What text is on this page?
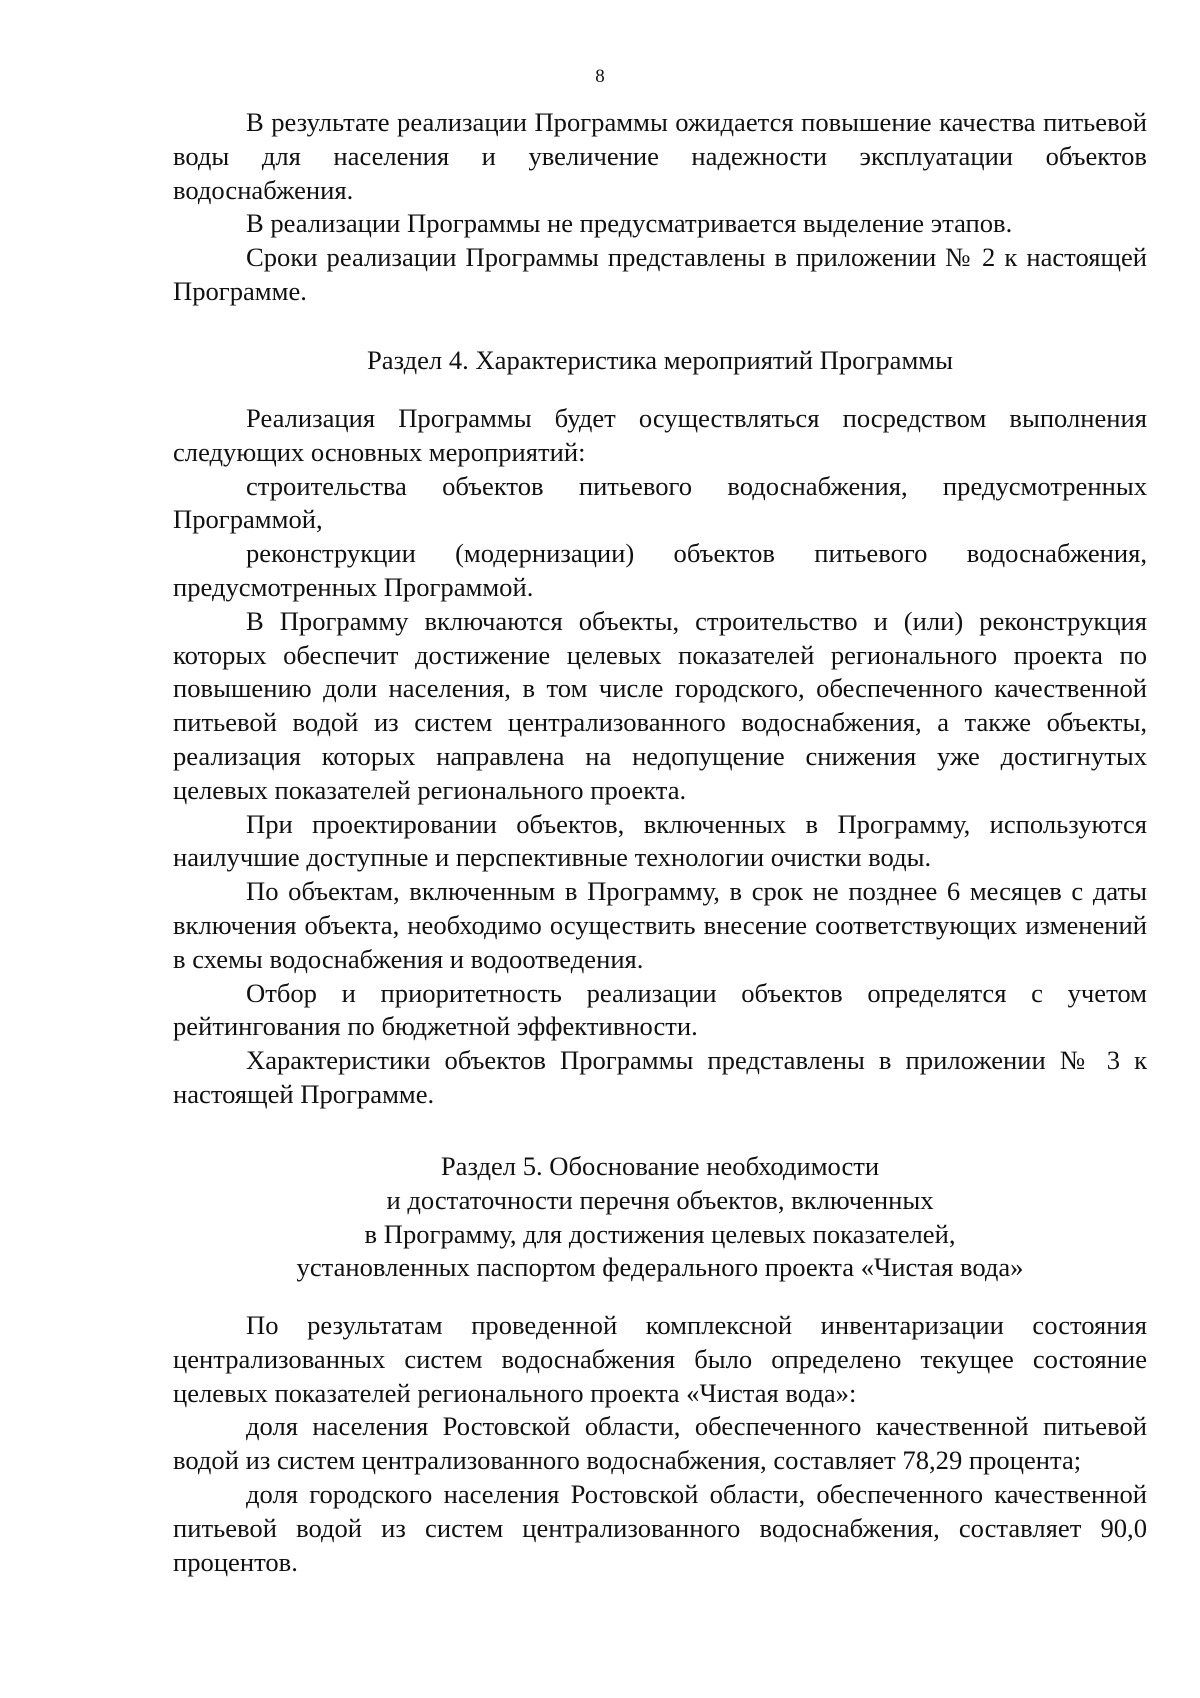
8

В результате реализации Программы ожидается повышение качества питьевой воды для населения и увеличение надежности эксплуатации объектов водоснабжения.

В реализации Программы не предусматривается выделение этапов.

Сроки реализации Программы представлены в приложении № 2 к настоящей Программе.

Раздел 4. Характеристика мероприятий Программы

Реализация Программы будет осуществляться посредством выполнения следующих основных мероприятий:

строительства объектов питьевого водоснабжения, предусмотренных Программой,

реконструкции (модернизации) объектов питьевого водоснабжения, предусмотренных Программой.

В Программу включаются объекты, строительство и (или) реконструкция которых обеспечит достижение целевых показателей регионального проекта по повышению доли населения, в том числе городского, обеспеченного качественной питьевой водой из систем централизованного водоснабжения, а также объекты, реализация которых направлена на недопущение снижения уже достигнутых целевых показателей регионального проекта.

При проектировании объектов, включенных в Программу, используются наилучшие доступные и перспективные технологии очистки воды.

По объектам, включенным в Программу, в срок не позднее 6 месяцев с даты включения объекта, необходимо осуществить внесение соответствующих изменений в схемы водоснабжения и водоотведения.

Отбор и приоритетность реализации объектов определятся с учетом рейтингования по бюджетной эффективности.

Характеристики объектов Программы представлены в приложении № 3 к настоящей Программе.

Раздел 5. Обоснование необходимости
и достаточности перечня объектов, включенных
в Программу, для достижения целевых показателей,
установленных паспортом федерального проекта «Чистая вода»

По результатам проведенной комплексной инвентаризации состояния централизованных систем водоснабжения было определено текущее состояние целевых показателей регионального проекта «Чистая вода»:

доля населения Ростовской области, обеспеченного качественной питьевой водой из систем централизованного водоснабжения, составляет 78,29 процента;

доля городского населения Ростовской области, обеспеченного качественной питьевой водой из систем централизованного водоснабжения, составляет 90,0 процентов.
